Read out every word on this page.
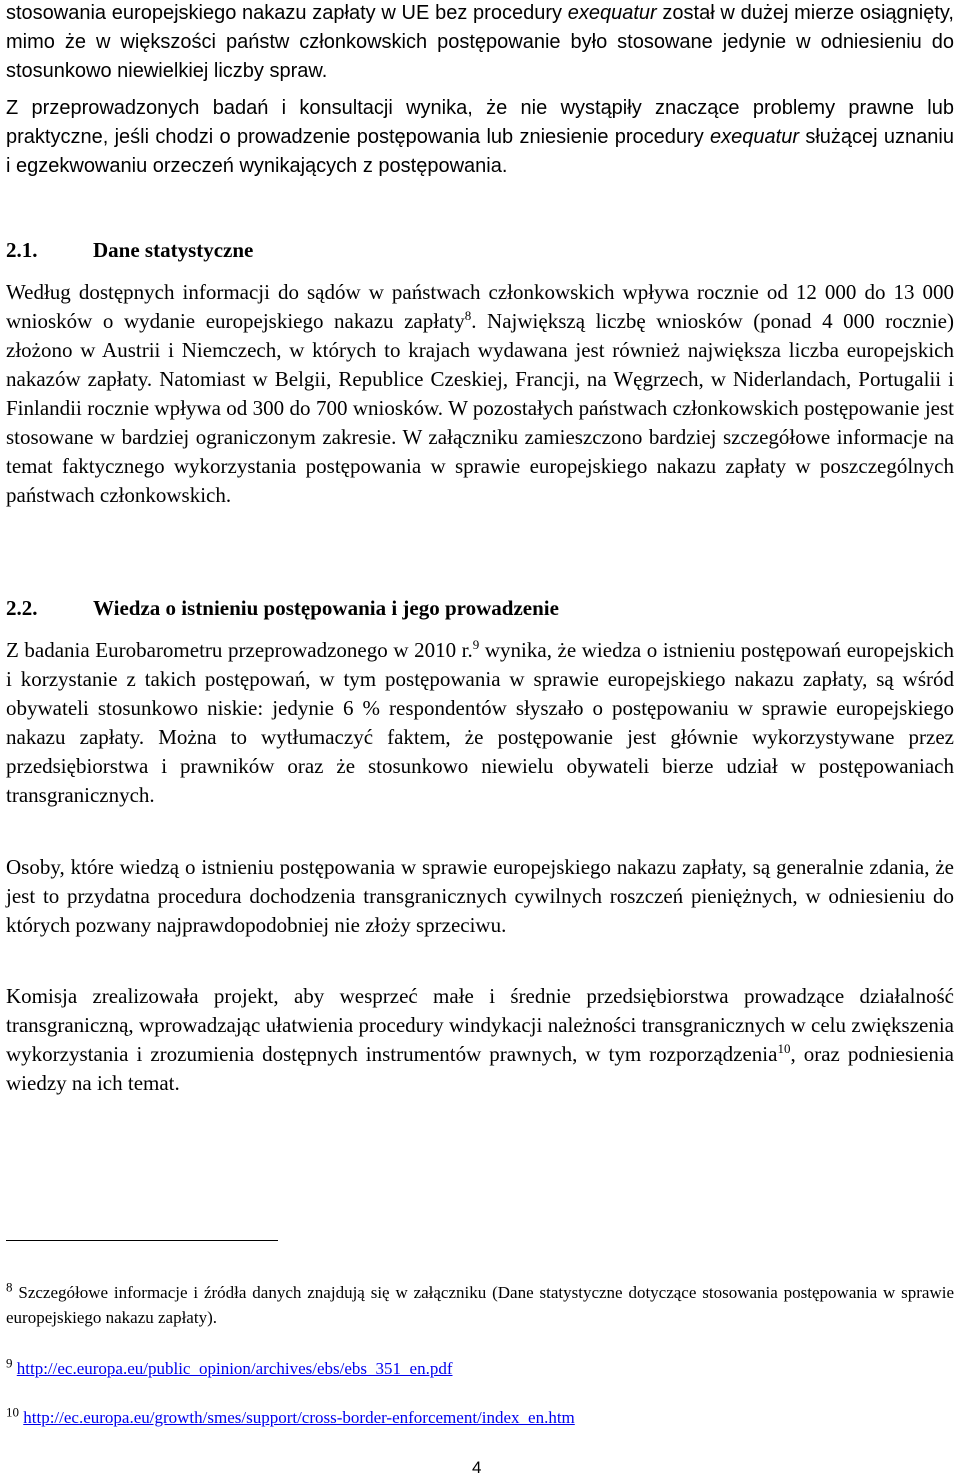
stosowania europejskiego nakazu zapłaty w UE bez procedury exequatur został w dużej mierze osiągnięty, mimo że w większości państw członkowskich postępowanie było stosowane jedynie w odniesieniu do stosunkowo niewielkiej liczby spraw.

Z przeprowadzonych badań i konsultacji wynika, że nie wystąpiły znaczące problemy prawne lub praktyczne, jeśli chodzi o prowadzenie postępowania lub zniesienie procedury exequatur służącej uznaniu i egzekwowaniu orzeczeń wynikających z postępowania.

2.1.	Dane statystyczne

Według dostępnych informacji do sądów w państwach członkowskich wpływa rocznie od 12 000 do 13 000 wniosków o wydanie europejskiego nakazu zapłaty$^8$. Największą liczbę wniosków (ponad 4 000 rocznie) złożono w Austrii i Niemczech, w których to krajach wydawana jest również największa liczba europejskich nakazów zapłaty. Natomiast w Belgii, Republice Czeskiej, Francji, na Węgrzech, w Niderlandach, Portugalii i Finlandii rocznie wpływa od 300 do 700 wniosków. W pozostałych państwach członkowskich postępowanie jest stosowane w bardziej ograniczonym zakresie. W załączniku zamieszczono bardziej szczegółowe informacje na temat faktycznego wykorzystania postępowania w sprawie europejskiego nakazu zapłaty w poszczególnych państwach członkowskich.

2.2.	Wiedza o istnieniu postępowania i jego prowadzenie

Z badania Eurobarometru przeprowadzonego w 2010 r.$^9$ wynika, że wiedza o istnieniu postępowań europejskich i korzystanie z takich postępowań, w tym postępowania w sprawie europejskiego nakazu zapłaty, są wśród obywateli stosunkowo niskie: jedynie 6 % respondentów słyszało o postępowaniu w sprawie europejskiego nakazu zapłaty. Można to wytłumaczyć faktem, że postępowanie jest głównie wykorzystywane przez przedsiębiorstwa i prawników oraz że stosunkowo niewielu obywateli bierze udział w postępowaniach transgranicznych.

Osoby, które wiedzą o istnieniu postępowania w sprawie europejskiego nakazu zapłaty, są generalnie zdania, że jest to przydatna procedura dochodzenia transgranicznych cywilnych roszczeń pieniężnych, w odniesieniu do których pozwany najprawdopodobniej nie złoży sprzeciwu.

Komisja zrealizowała projekt, aby wesprzeć małe i średnie przedsiębiorstwa prowadzące działalność transgraniczną, wprowadzając ułatwienia procedury windykacji należności transgranicznych w celu zwiększenia wykorzystania i zrozumienia dostępnych instrumentów prawnych, w tym rozporządzenia$^{10}$, oraz podniesienia wiedzy na ich temat.

$^8$ Szczegółowe informacje i źródła danych znajdują się w załączniku (Dane statystyczne dotyczące stosowania postępowania w sprawie europejskiego nakazu zapłaty).

$^9$ http://ec.europa.eu/public_opinion/archives/ebs/ebs_351_en.pdf

$^{10}$ http://ec.europa.eu/growth/smes/support/cross-border-enforcement/index_en.htm

4
